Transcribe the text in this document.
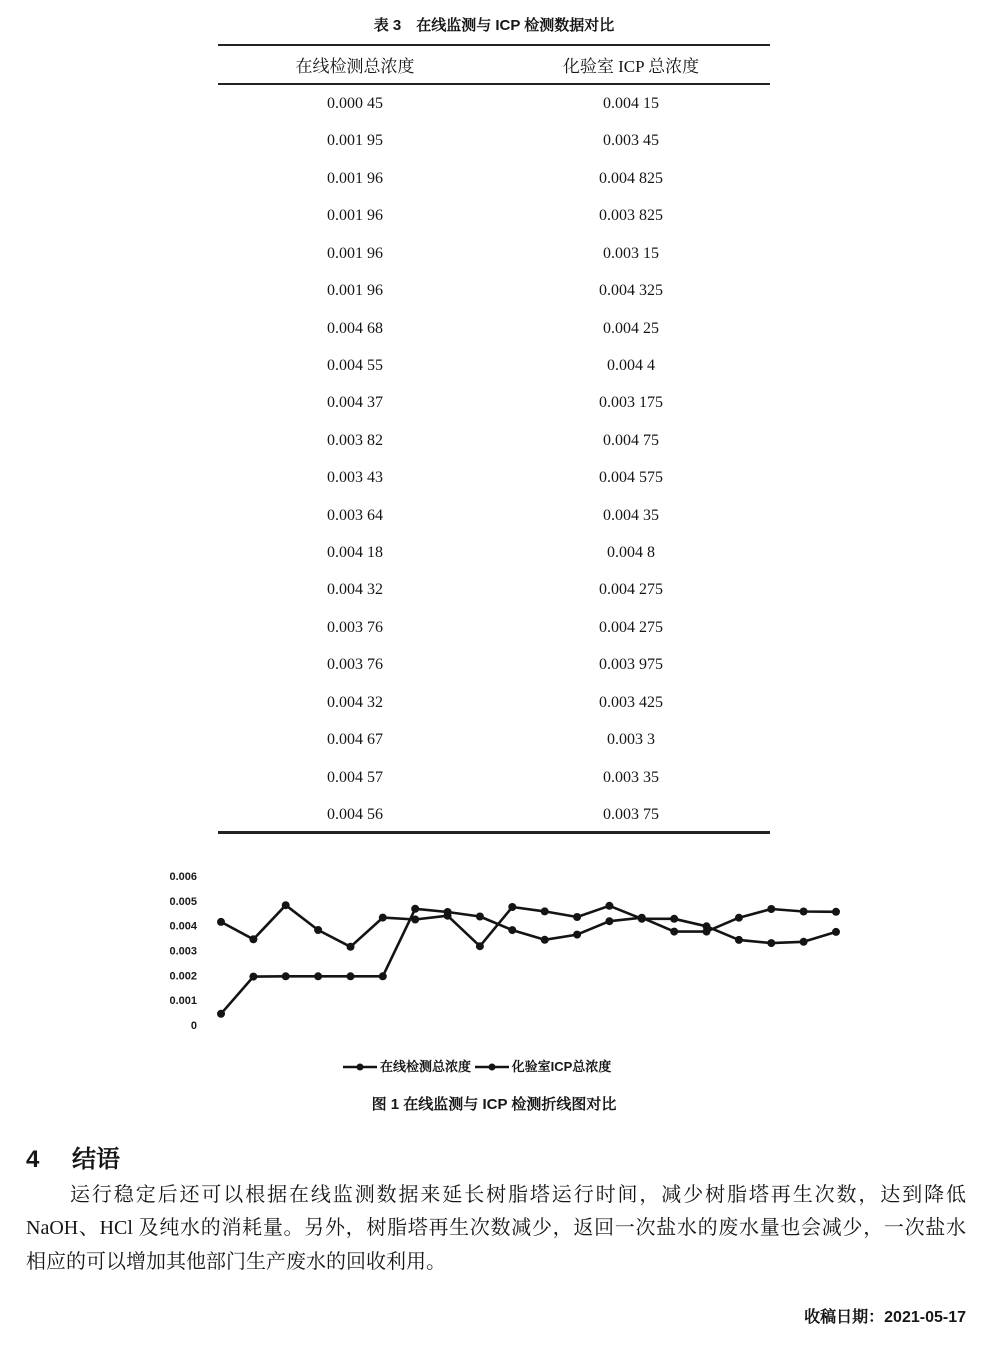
表 3　在线监测与 ICP 检测数据对比
在线检测总浓度	化验室 ICP 总浓度
0.000 45	0.004 15
0.001 95	0.003 45
0.001 96	0.004 825
0.001 96	0.003 825
0.001 96	0.003 15
0.001 96	0.004 325
0.004 68	0.004 25
0.004 55	0.004 4
0.004 37	0.003 175
0.003 82	0.004 75
0.003 43	0.004 575
0.003 64	0.004 35
0.004 18	0.004 8
0.004 32	0.004 275
0.003 76	0.004 275
0.003 76	0.003 975
0.004 32	0.003 425
0.004 67	0.003 3
0.004 57	0.003 35
0.004 56	0.003 75
0.006
0.005
0.004
0.003
0.002
0.001
0
在线检测总浓度
	化验室ICP总浓度
图 1 在线监测与 ICP 检测折线图对比
4 结语
运行稳定后还可以根据在线监测数据来延长树脂塔运行时间，减少树脂塔再生次数，达到降低
NaOH、HCl 及纯水的消耗量。另外，树脂塔再生次数减少，返回一次盐水的废水量也会减少，一次盐水
相应的可以增加其他部门生产废水的回收利用。
收稿日期：2021-05-17
